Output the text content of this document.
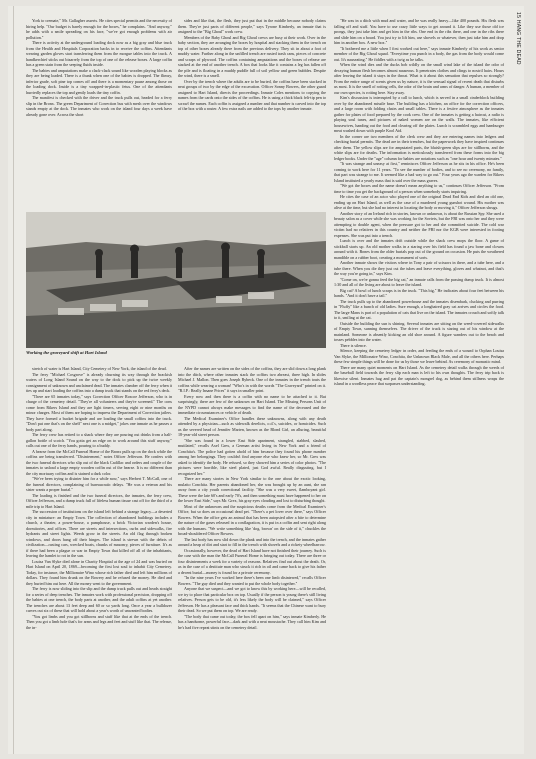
15 HANG THE DEAD

York to cremate," Mr. Gallagher asserts. He cites special permits and the necessity of hiring help. "Our budget is barely enough for the boxes," he complains. "And anyway," he adds with a smile spreading on his face, "we've got enough problems with air pollution."

There is activity at the underground loading dock now as a big gray and blue truck from the Health and Hospitals Corporation backs in to receive the coffins. Attendants wearing garden gloves start transferring them from the morgue tables into the truck. A handkerchief sticks out bizarrely from the top of one of the release boxes. A large coffin has a green stain from the seeping fluids inside.

The babies and amputations make a clack-clack sound like wooden playing blocks as they are being loaded. There is a thunk when one of the babies is dropped. The flimsy, inferior grade, soft pine top comes off and there is a momentary pause among those on the loading dock. Inside is a tiny wrapped-in-plastic fetus. One of the attendants hurriedly replaces the top and gently loads the tiny coffin.

The manifest is checked with the driver and the truck pulls out, headed for a ferry slip in the Bronx. The green Department of Correction bus with mesh over the windows stands empty at the dock. The inmates who work on the island four days a week have already gone over. Across the short

sides and like that, the flesh, they just put that in the middle because nobody claims them. They're just parts of different people," says Tyrone Kimberly, an inmate that is assigned to the "Big Ghoul" work crew.

Members of the Baby Ghoul and Big Ghoul crews are busy at their work. Over in the baby section, they are arranging the boxes by hospital and stacking them in the trench on top of other boxes already there from the previous delivery. They sit in about a foot of muddy water. Further along in the unfilled trench are rusted trash cans, pieces of concrete and scraps of plywood. The coffins containing amputations and the boxes of release are stacked at the end of another trench. A box that looks like it contains a leg has fallen off the pile and is floating in a muddy puddle full of soil yellow and green bubbles. Despite the wind, there is a smell.

Over by the trench where the adults are to be buried, the coffins have been stacked in neat groups of two by the edge of the excavation. Officer Sonny Bowers, the other guard assigned to Hart Island, directs the proceedings. Inmate Coles mentions to copying the names from the cards onto the sides of the coffins. He is using a thick black felt-tip pen to scrawl the names. Each coffin is assigned a number and that number is carved into the top of the box with a router. A few extra nails are added to the tops by another inmate.

Working the graveyard shift at Hart Island

stretch of water is Hart Island, City Cemetery of New York, the island of the dead.

The ferry "Michael Cosgrove" is already churning its way through the brackish waters of Long Island Sound on the way to the dock to pick up the twice weekly consignment of unknown and unclaimed dead. The inmates clamber off the ferry when it ties up and start loading the coffins into a dump truck that stands on the red ferry's deck.

"There are 65 inmates today," says Correction Officer Roscoe Jefferson, who is in charge of the cemetery detail. "They're all volunteers and they're screened." The cons come from Rikers Island and they are light timers, serving eight or nine months on minor charges. Most of them are hoping to impress the Department of Correction jailers. They have formed a bucket brigade and are loading the small coffins into the truck. "Don't put one that's on the shelf" next one is a midget," jokes one inmate as he passes a body part along.

The ferry crew has retired to a shack where they are pouring out drinks from a half-gallon bottle of scotch. "You gotta get an edge on to work around this stuff anyway," calls out one of the ferry hands, pouring to a buddy.

A hearse from the McCall Funeral Home of the Bronx pulls up on the dock while the coffins are being transferred. "Disinterment," notes Officer Jefferson. He confers with the two funeral directors who slip out of the black Cadillac and orders and couple of the inmates to unload a large empty wooden coffin out of the hearse. It is no different than the city mortuary coffins and is stained a dark color.

"We've been trying to disinter him for a while now," says Herbert T. McCall, one of the funeral directors, complaining of bureaucratic delays. "He was a veteran and his sister wants a proper burial."

The loading is finished and the two funeral directors, the inmates, the ferry crew, Officer Jefferson, and a dump truck full of lifeless human tissue cast off for the third of a mile trip to Hart Island.

The succession of institutions on the island left behind a strange legacy—a deserted city in miniature: an Empty Town. The collection of abandoned buildings includes a church, a theater, a power-house, a pumphouse, a brick Victorian warden's house, dormitories, and offices. There are streets and intersections, curbs and sidewalks, fire hydrants and street lights. Weeds grow in the streets. An old flag through broken windows, and doors hang off their hinges. The island is strewn with the debris of civilization—rusting cars, wrecked boats, chunks of masonry, pieces of furniture. It's as if there had been a plague or war in Empty Town that killed off all of the inhabitants, leaving the hamlet to rot in the sun.

Louisa Van Slyke died alone in Charity Hospital at the age of 24 and was buried on Hart Island on April 20, 1869—becoming the first lost soul to inhabit City Cemetery. Today, for instance, the Millionaire Wino whose rich father died and left him millions of dollars. They found him drunk on the Bowery and he refused the money. He died and they buried him out here. All the money went to the government.

The ferry is now sliding into the slip and the dump truck pulls out and heads straight for a series of deep trenches. The inmates work with professional precision, dropping off the babies at one trench, the body parts at another, and the adult coffins at yet another. The trenches are about 13 feet deep and 60 or so yards long. Once a year a bulldozer carves out six of these that will hold about a year's worth of unwanted bodies.

"You got limbs and you got stillborns and stuff like that at the ends of the trench. Then you got a limb hole that's for arms and legs and feet and stuff like that. The release, the in-

After the names are written on the sides of the coffins, they are slid down a long plank into the ditch, where other inmates stack the coffins two abreast, three high. In slides Michael J. Mallon. Then goes Joseph Rybeck. One of the inmates in the trench touts the coffins while wearing a woman! "Who's in with the words "The Graveyard" printed on it. "R.I.P.: Really Insane Prices" it says in smaller print.

Every now and then there is a coffin with no name to be attached to it. But surprisingly, there are few of the unknown on Hart Island. The Missing Persons Unit of the NYPD cannot always make messages to find the name of the deceased and the immediate circumstances or vehicle of death.

The Medical Examiner's Office handles these unknowns, along with any death attended by a physician—such as sidewalk derelicts, o.d.'s, suicides, or homicides. Such as the severed head of Jennifer Marten, known as the Blond Girl, an alluring, beautiful 18-year-old street person.

"She was found in a lower East Side apartment, strangled, stabbed, slashed, mutilated," recalls Axel Grex, a German artist living in New York and a friend of Conchita's. The police had gotten ahold of him because they found his phone number among her belongings. They couldn't find anyone else who knew her, so Mr. Grex was asked to identify the body. He refused, so they showed him a series of color photos. "The pictures were horrible, like steel plated, just God awful. Really disgusting, but I recognized her."

There are many stories in New York similar to the one about the exotic looking, mulatto Conchita. Her parents abandoned her, she was brought up by an aunt, she ran away from a city youth correctional facility. "She was a very sweet, flamboyant girl. These were the late 60's and early 70's, and then something must have happened to her on the lower East Side," says Mr. Grex, his gray eyes clouding and lost to disturbing thought.

Most of the unknowns and the suspicious deaths come from the Medical Examiner's Office, but so does an occasional dead pet. "There's a pet lover over there," says Officer Bowers. When the office gets an animal that has been autopsied after a bite to determine the nature of the gases released in a conflagration, it is put in a coffin and sent right along with the humans. "We write something like 'dog, brown' on the side of it," chuckles the broad-shouldered Officer Bowers.

The last body has now slid down the plank and into the trench, and the inmates gather around a heap of dirt and start to fill in the trench with shovels and a rickety wheelbarrow.

Occasionally, however, the dead of Hart Island have not finished their journey. Such is the case with the man the McCall Funeral Home is bringing out today. There are three or four disinterments a week for a variety of reasons. Relatives find out about the death. Or, as in the case of a destitute man who struck it rich in oil and came back to give his father a decent burial—money is found for a private ceremony.

"In the nine years I've worked here there's been one limb disinterred," recalls Officer Bowers. "The guy died and they wanted to put the whole body together."

Anyone that we suspect—and we got to know this by working here—will be recalled, we try to place that particular box on top. Usually if the person is young there's still living relatives. Person gets to be old, it's less likely the body will be claimed," says Officer Jefferson. He has a pleasant face and thick hands. "It seems that the Chinese want to bury their dead. So we put them on top. We are ready.

"The body that came out today, the box fell apart on him," says inmate Kimberly. He has a handsome, powerful face—dark and with a neat moustache. They call him Kim and he's had five repeat stints on the cemetery detail.

"He was in a ditch with mud and water, and he was really heavy—like 400 pounds. His flesh was falling off and stuff. You have to use crazy little ways to get around it. Like they use those old ice prongs, they just take him and get him in the ribs. One end in the ribs there, and one in the ribs there and slide him on a board. You just try to lift him, use shovels or whatever, then just take him and drop him in another box. A new box."

"It bothered me a little when I first worked out here," says inmate Kimberly of his work as senior member of the Big Ghoul squad. "Everytime you punch in a body, the gas from the body would come out. It's nauseating." He fiddles with a twig as he talks.

When the wind dies and the ducks bob wildly on the small wind lake of the island the odor of decaying human flesh becomes almost nauseous. It penetrates clothes and clings to nostril hairs. Hours after leaving the island it stays in the throat. What is it about this sensation that repulses so strongly? From the entire range of scents given us by nature, it is the sensual signal of recent death that disturbs us most. It is the smell of rotting cells, the odor of the brain and arms of danger. A human, a member of our own species, is rotting here. Stay away.

Kim's discussion is interrupted by a call to lunch, which is served in a small cinderblock building over by the abandoned missile base. The building has a kitchen, an office for the correction officers, and a large room with folding chairs and small tables. There is a festive atmosphere as the inmates gather for plates of food prepared by the cook crew. One of the inmates is getting a haircut, a radio is playing soul tunes, and pictures of naked women are on the walls. The inmates, like efficient housewives, handing out the food and clearing off the plates. Lunch is scrambled eggs and hamburger meat washed down with purple Kool Aid.

In the corner are two members of the clerk crew and they are entering names into ledgers and checking burial permits. The dead are in their trenches, but the paperwork they have inspired continues after them. The yellow slips are for amputated parts, the bluish-green slips are for stillborns, and the white slips are for deaths. The information is meticulously transferred from these forms into the big ledger books. Under the "age" column for babies are notations such as "one hour and twenty minutes."

"It was strange and uneasy at first," reminisces Officer Jefferson as he sits in his office. He's been coming to work here for 11 years. "To see the number of bodies, and to see no ceremony, no family, that part was strange to me. It seemed like a bad way to go out." Four years ago the warden for Rikers Island instituted a yearly mass that is said over the mass graves.

"We got the boxes and the name doesn't mean anything to us," continues Officer Jefferson. "From time to time you get the background of a person when somebody starts inquiring.

He cites the case of an actor who played one of the original Dead End Kids and died an old one, ending up on Hart Island, as well as the case of a murdered young gunshot wound. His mother was alive at the time, but she had no interest in locating the body or moving it," Officer Jefferson shrugs.

Another story of an Ireland rich in stories, known or unknown, is about the Russian Spy. She used a beauty salon as a cover while she was working for the Soviets, but the FBI was onto her and they were attempting to double agent, when the pressure got to her and she committed suicide. The cold war victim had no relatives in this country and neither the FBI nor the KGB were interested in footing expenses. She was put into a trench.

Lunch is over and the inmates drift outside while the shack crew mops the floor. A game of stickball starts up. An old mother walks in a staring over his field has found a jaw bone and clowns around with it. Bones from the older burials pop out of the ground on occasion. He puts the weathered mandible on a rubber boot, creating a monument of sorts.

Another inmate shows the visitors where in Tony a pair of scissors in there, and a tube here, and a tube there. When you die they just cut the tubes and leave everything, gloves and whatnot, and that's the way you're going in," says Kim.

"Come on, we're gonna feed the big cat," an inmate calls from the passing dump truck. It is almost 1:30 and all of the living are about to leave the island.

Big cat? A bowl of lunch scraps is in the truck. "This big," He indicates about four feet between his hands. "And it don't have a tail."

The truck pulls up to the abandoned powerhouse and the inmates disembark, clucking and purring in "Fluffy" like a bunch of old ladies. Sure enough, a longhaired gray cat arrives and circles the food. The large Manx is part of a population of cats that live on the island. The inmates crouch and softly talk to it, smiling at the cat.

Outside the building the sun is shining. Several inmates are sitting on the weed-covered sidewalks of Empty Town, sunning themselves. The driver of the truck is staring out of his window at the mainland. Someone is absently kicking an old shoe around. A figure wanders out to the beach and tosses pebbles into the water.

There is silence.

Silence, keeping the cemetery ledger in order, and feeding the ends of a wound to Orphan Louisa Van Slyke, the Millionaire Wino, Conchita, the Unknown Black Male, and all the others here. Perhaps these few simple things will be done for us by those we leave behind. As ceremony of monastic mind.

There are many quiet moments on Hart Island. As the cemetery detail walks through the weeds of the baseball field towards the ferry slip each man is left to his own thoughts. The ferry trip back is likewise silent. Inmates hug and pat the captain's mongrel dog, as behind them stillness wraps the island in a wordless peace that surpasses understanding.
